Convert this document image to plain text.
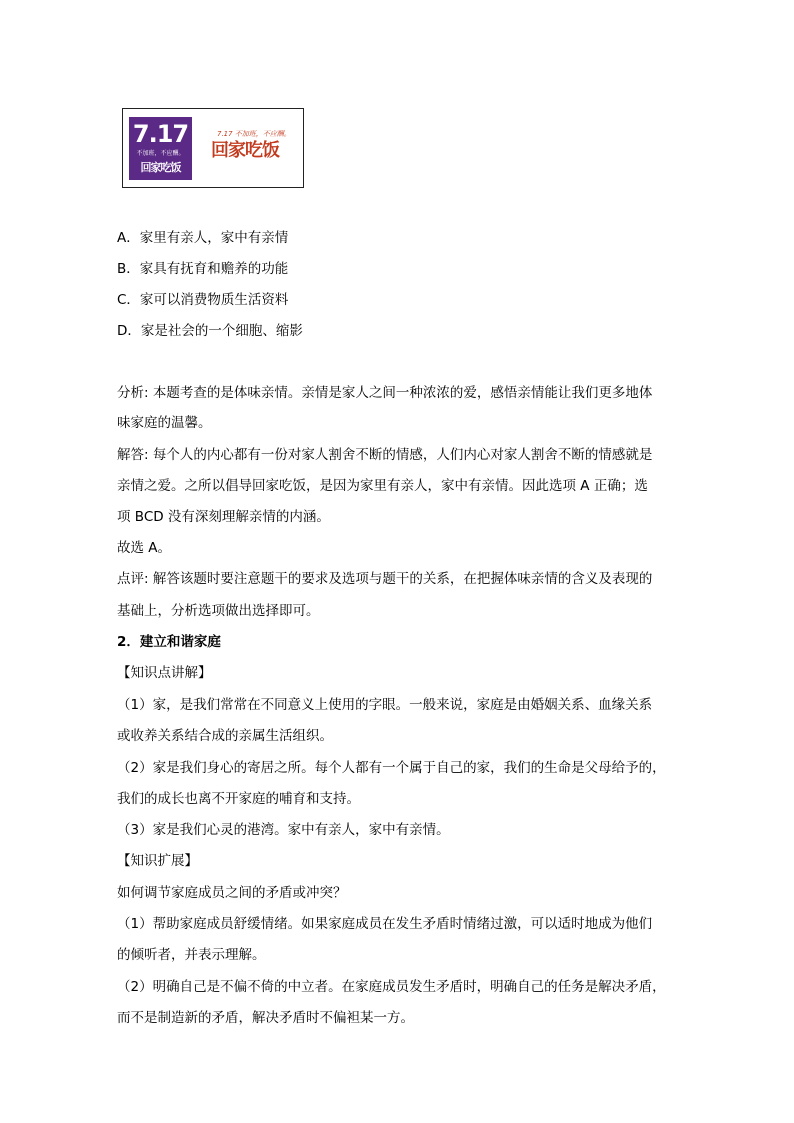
7.17
不加班，不应酬。
回家吃饭
7.17 不加班，不应酬。
回家吃饭
A．家里有亲人，家中有亲情
B．家具有抚育和赡养的功能
C．家可以消费物质生活资料
D．家是社会的一个细胞、缩影
分析: 本题考查的是体味亲情。亲情是家人之间一种浓浓的爱，感悟亲情能让我们更多地体
味家庭的温馨。
解答: 每个人的内心都有一份对家人割舍不断的情感，人们内心对家人割舍不断的情感就是
亲情之爱。之所以倡导回家吃饭，是因为家里有亲人，家中有亲情。因此选项 A 正确；选
项 BCD 没有深刻理解亲情的内涵。
故选 A。
点评: 解答该题时要注意题干的要求及选项与题干的关系，在把握体味亲情的含义及表现的
基础上，分析选项做出选择即可。
2．建立和谐家庭
【知识点讲解】
（1）家，是我们常常在不同意义上使用的字眼。一般来说，家庭是由婚姻关系、血缘关系
或收养关系结合成的亲属生活组织。
（2）家是我们身心的寄居之所。每个人都有一个属于自己的家，我们的生命是父母给予的，
我们的成长也离不开家庭的哺育和支持。
（3）家是我们心灵的港湾。家中有亲人，家中有亲情。
【知识扩展】
如何调节家庭成员之间的矛盾或冲突？
（1）帮助家庭成员舒缓情绪。如果家庭成员在发生矛盾时情绪过激，可以适时地成为他们
的倾听者，并表示理解。
（2）明确自己是不偏不倚的中立者。在家庭成员发生矛盾时，明确自己的任务是解决矛盾，
而不是制造新的矛盾，解决矛盾时不偏袒某一方。
